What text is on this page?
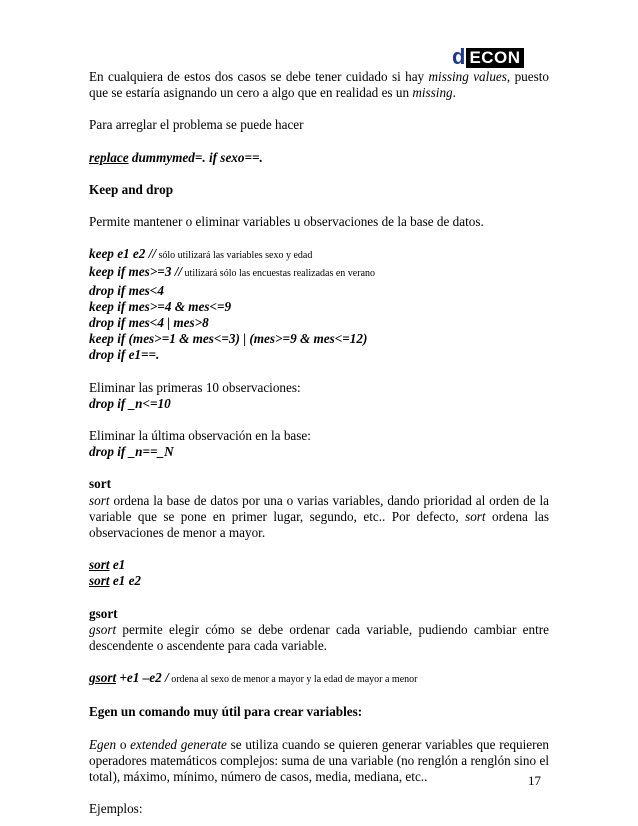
d ECON

En cualquiera de estos dos casos se debe tener cuidado si hay missing values, puesto que se estaría asignando un cero a algo que en realidad es un missing.

Para arreglar el problema se puede hacer

replace dummymed=. if sexo==.

Keep and drop

Permite mantener o eliminar variables u observaciones de la base de datos.

keep e1 e2 // sólo utilizará las variables sexo y edad

keep if mes>=3 // utilizará sólo las encuestas realizadas en verano

drop if mes<4

keep if mes>=4 & mes<=9

drop if mes<4 | mes>8

keep if (mes>=1 & mes<=3) | (mes>=9 & mes<=12)

drop if e1==.

Eliminar las primeras 10 observaciones:

drop if _n<=10

Eliminar la última observación en la base:

drop if _n==_N

sort

sort ordena la base de datos por una o varias variables, dando prioridad al orden de la variable que se pone en primer lugar, segundo, etc.. Por defecto, sort ordena las observaciones de menor a mayor.

sort e1

sort e1 e2

gsort

gsort permite elegir cómo se debe ordenar cada variable, pudiendo cambiar entre descendente o ascendente para cada variable.

gsort +e1 –e2 / ordena al sexo de menor a mayor y la edad de mayor a menor

Egen un comando muy útil para crear variables:

Egen o extended generate se utiliza cuando se quieren generar variables que requieren operadores matemáticos complejos: suma de una variable (no renglón a renglón sino el total), máximo, mínimo, número de casos, media, mediana, etc..

Ejemplos:

17
